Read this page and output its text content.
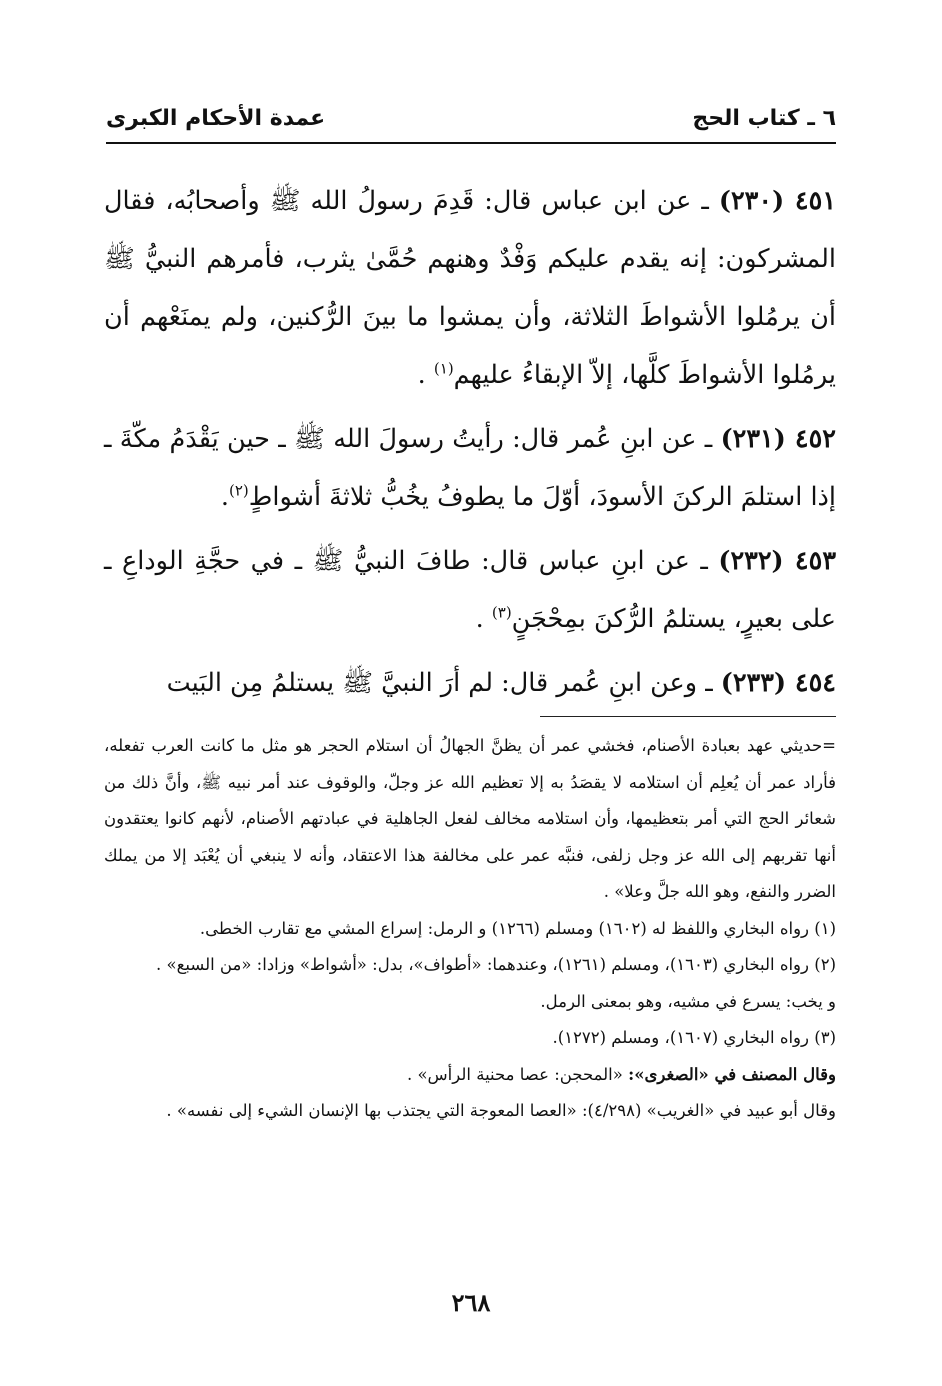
٦ ـ كتاب الحج
عمدة الأحكام الكبرى

٤٥١ (٢٣٠) ـ عن ابن عباس قال: قَدِمَ رسولُ الله ﷺ وأصحابُه، فقال المشركون: إنه يقدم عليكم وَفْدٌ وهنهم حُمَّىٰ يثرب، فأمرهم النبيُّ ﷺ أن يرمُلوا الأشواطَ الثلاثة، وأن يمشوا ما بينَ الرُّكنين، ولم يمنَعْهم أن يرمُلوا الأشواطَ كلَّها، إلاّ الإبقاءُ عليهم$^{(١)}$ .

٤٥٢ (٢٣١) ـ عن ابنِ عُمر قال: رأيتُ رسولَ الله ﷺ ـ حين يَقْدَمُ مكّةَ ـ إذا استلمَ الركنَ الأسودَ، أوّلَ ما يطوفُ يخُبُّ ثلاثةَ أشواطٍ$^{(٢)}$.

٤٥٣ (٢٣٢) ـ عن ابنِ عباس قال: طافَ النبيُّ ﷺ ـ في حجَّةِ الوداعِ ـ على بعيرٍ، يستلمُ الرُّكنَ بمِحْجَنٍ$^{(٣)}$ .

٤٥٤ (٢٣٣) ـ وعن ابنِ عُمر قال: لم أرَ النبيَّ ﷺ يستلمُ مِن البَيت

=حديثي عهد بعبادة الأصنام، فخشي عمر أن يظنَّ الجهالُ أن استلام الحجر هو مثل ما كانت العرب تفعله، فأراد عمر أن يُعلِم أن استلامه لا يقصَدُ به إلا تعظيم الله عز وجلّ، والوقوف عند أمر نبيه ﷺ، وأنَّ ذلك من شعائر الحج التي أمر بتعظيمها، وأن استلامه مخالف لفعل الجاهلية في عبادتهم الأصنام، لأنهم كانوا يعتقدون أنها تقربهم إلى الله عز وجل زلفى، فنبَّه عمر على مخالفة هذا الاعتقاد، وأنه لا ينبغي أن يُعْبَد إلا من يملك الضرر والنفع، وهو الله جلَّ وعلا» .

(١) رواه البخاري واللفظ له (١٦٠٢) ومسلم (١٢٦٦) و الرمل: إسراع المشي مع تقارب الخطى.

(٢) رواه البخاري (١٦٠٣)، ومسلم (١٢٦١)، وعندهما: «أطواف»، بدل: «أشواط» وزادا: «من السبع» .

و يخب: يسرع في مشيه، وهو بمعنى الرمل.

(٣) رواه البخاري (١٦٠٧)، ومسلم (١٢٧٢).

وقال المصنف في «الصغرى»: «المحجن: عصا محنية الرأس» .

وقال أبو عبيد في «الغريب» (٤/٢٩٨): «العصا المعوجة التي يجتذب بها الإنسان الشيء إلى نفسه» .

٢٦٨
